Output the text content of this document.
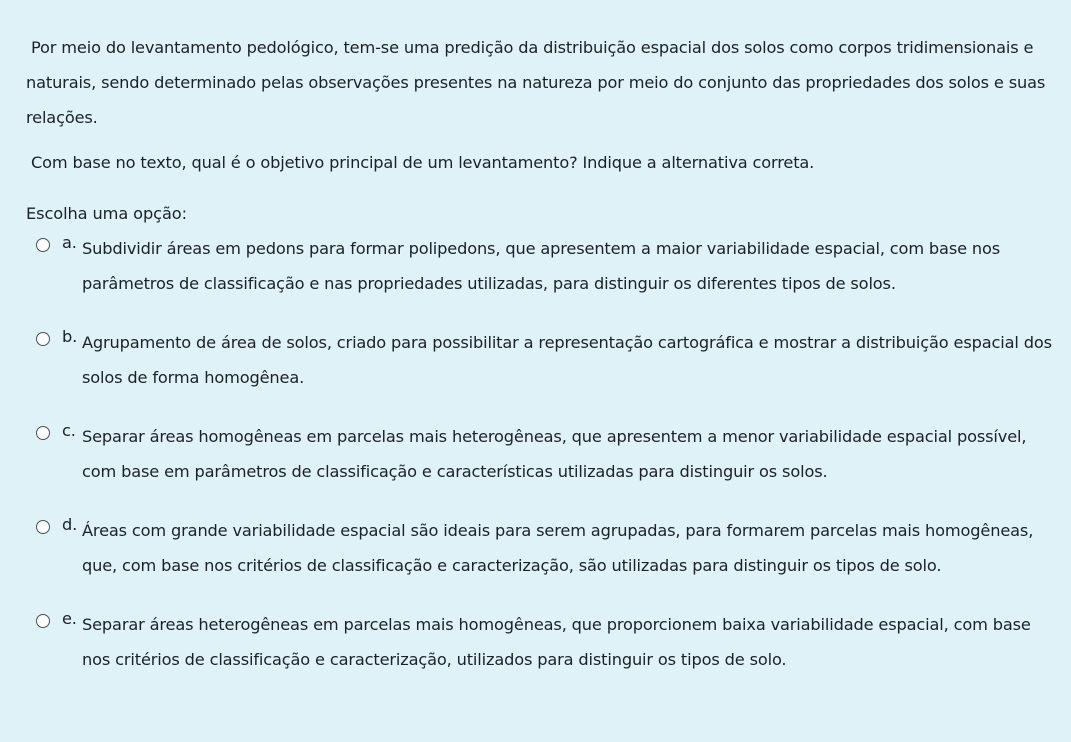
Por meio do levantamento pedológico, tem-se uma predição da distribuição espacial dos solos como corpos tridimensionais e naturais, sendo determinado pelas observações presentes na natureza por meio do conjunto das propriedades dos solos e suas relações.

Com base no texto, qual é o objetivo principal de um levantamento? Indique a alternativa correta.

Escolha uma opção:
a. Subdividir áreas em pedons para formar polipedons, que apresentem a maior variabilidade espacial, com base nos parâmetros de classificação e nas propriedades utilizadas, para distinguir os diferentes tipos de solos.
b. Agrupamento de área de solos, criado para possibilitar a representação cartográfica e mostrar a distribuição espacial dos solos de forma homogênea.
c. Separar áreas homogêneas em parcelas mais heterogêneas, que apresentem a menor variabilidade espacial possível, com base em parâmetros de classificação e características utilizadas para distinguir os solos.
d. Áreas com grande variabilidade espacial são ideais para serem agrupadas, para formarem parcelas mais homogêneas, que, com base nos critérios de classificação e caracterização, são utilizadas para distinguir os tipos de solo.
e. Separar áreas heterogêneas em parcelas mais homogêneas, que proporcionem baixa variabilidade espacial, com base nos critérios de classificação e caracterização, utilizados para distinguir os tipos de solo.
